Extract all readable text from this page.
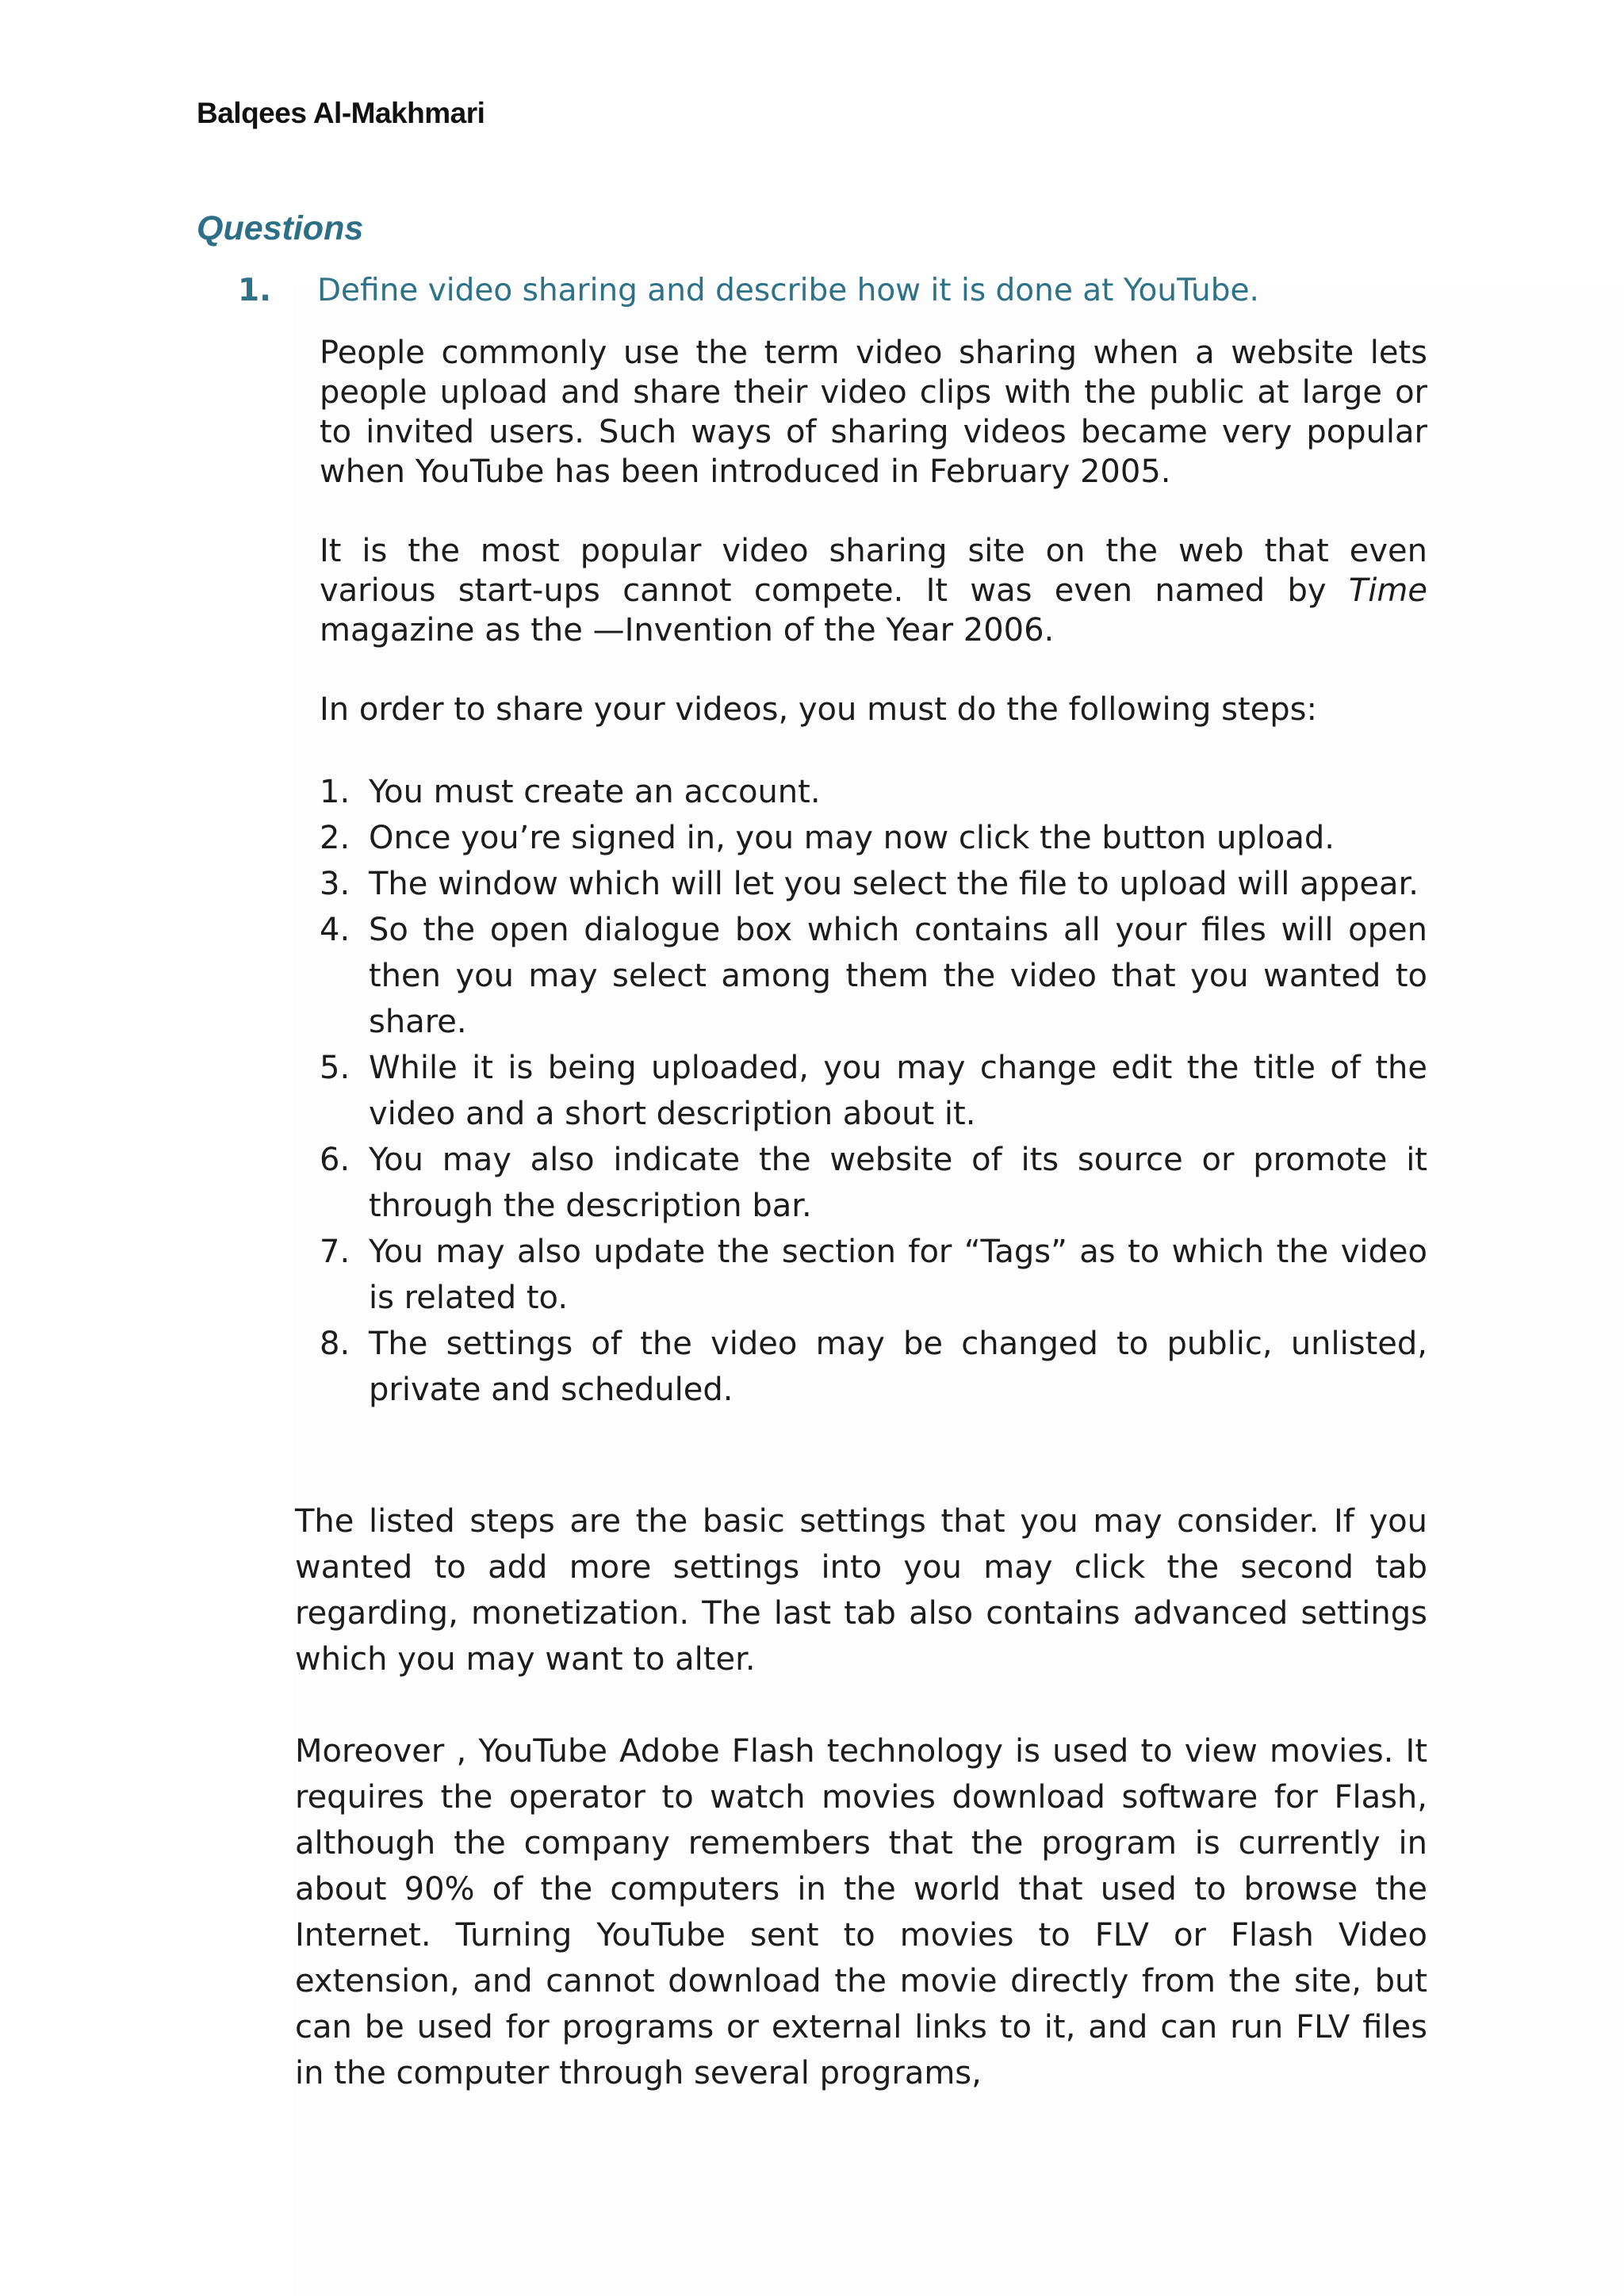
Balqees Al-Makhmari
Questions
1. Define video sharing and describe how it is done at YouTube.
People commonly use the term video sharing when a website lets people upload and share their video clips with the public at large or to invited users. Such ways of sharing videos became very popular when YouTube has been introduced in February 2005.
It is the most popular video sharing site on the web that even various start-ups cannot compete. It was even named by Time magazine as the —Invention of the Year 2006.
In order to share your videos, you must do the following steps:
1. You must create an account.
2. Once you’re signed in, you may now click the button upload.
3. The window which will let you select the file to upload will appear.
4. So the open dialogue box which contains all your files will open then you may select among them the video that you wanted to share.
5. While it is being uploaded, you may change edit the title of the video and a short description about it.
6. You may also indicate the website of its source or promote it through the description bar.
7. You may also update the section for “Tags” as to which the video is related to.
8. The settings of the video may be changed to public, unlisted, private and scheduled.
The listed steps are the basic settings that you may consider. If you wanted to add more settings into you may click the second tab regarding, monetization. The last tab also contains advanced settings which you may want to alter.
Moreover , YouTube Adobe Flash technology is used to view movies. It requires the operator to watch movies download software for Flash, although the company remembers that the program is currently in about 90% of the computers in the world that used to browse the Internet. Turning YouTube sent to movies to FLV or Flash Video extension, and cannot download the movie directly from the site, but can be used for programs or external links to it, and can run FLV files in the computer through several programs,
